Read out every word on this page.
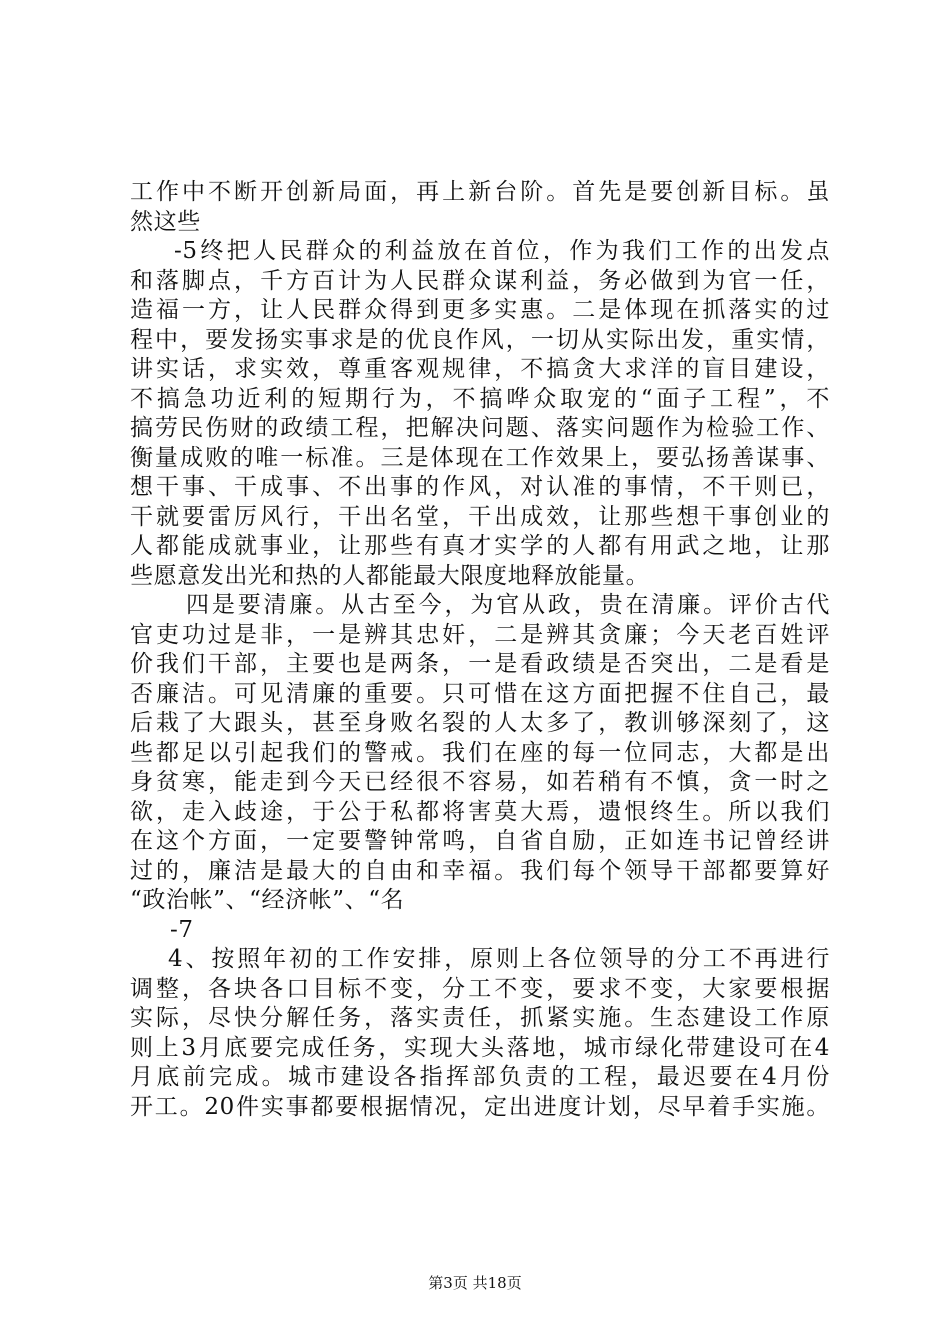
工作中不断开创新局面，再上新台阶。首先是要创新目标。虽
然这些
-5终把人民群众的利益放在首位，作为我们工作的出发点
和落脚点，千方百计为人民群众谋利益，务必做到为官一任，
造福一方，让人民群众得到更多实惠。二是体现在抓落实的过
程中，要发扬实事求是的优良作风，一切从实际出发，重实情，
讲实话，求实效，尊重客观规律，不搞贪大求洋的盲目建设，
不搞急功近利的短期行为，不搞哗众取宠的“面子工程”，不
搞劳民伤财的政绩工程，把解决问题、落实问题作为检验工作、
衡量成败的唯一标准。三是体现在工作效果上，要弘扬善谋事、
想干事、干成事、不出事的作风，对认准的事情，不干则已，
干就要雷厉风行，干出名堂，干出成效，让那些想干事创业的
人都能成就事业，让那些有真才实学的人都有用武之地，让那
些愿意发出光和热的人都能最大限度地释放能量。
四是要清廉。从古至今，为官从政，贵在清廉。评价古代
官吏功过是非，一是辨其忠奸，二是辨其贪廉；今天老百姓评
价我们干部，主要也是两条，一是看政绩是否突出，二是看是
否廉洁。可见清廉的重要。只可惜在这方面把握不住自己，最
后栽了大跟头，甚至身败名裂的人太多了，教训够深刻了，这
些都足以引起我们的警戒。我们在座的每一位同志，大都是出
身贫寒，能走到今天已经很不容易，如若稍有不慎，贪一时之
欲，走入歧途，于公于私都将害莫大焉，遗恨终生。所以我们
在这个方面，一定要警钟常鸣，自省自励，正如连书记曾经讲
过的，廉洁是最大的自由和幸福。我们每个领导干部都要算好
“政治帐”、“经济帐”、“名
-7
4、按照年初的工作安排，原则上各位领导的分工不再进行
调整，各块各口目标不变，分工不变，要求不变，大家要根据
实际，尽快分解任务，落实责任，抓紧实施。生态建设工作原
则上3月底要完成任务，实现大头落地，城市绿化带建设可在4
月底前完成。城市建设各指挥部负责的工程，最迟要在4月份
开工。20件实事都要根据情况，定出进度计划，尽早着手实施。
第3页 共18页
